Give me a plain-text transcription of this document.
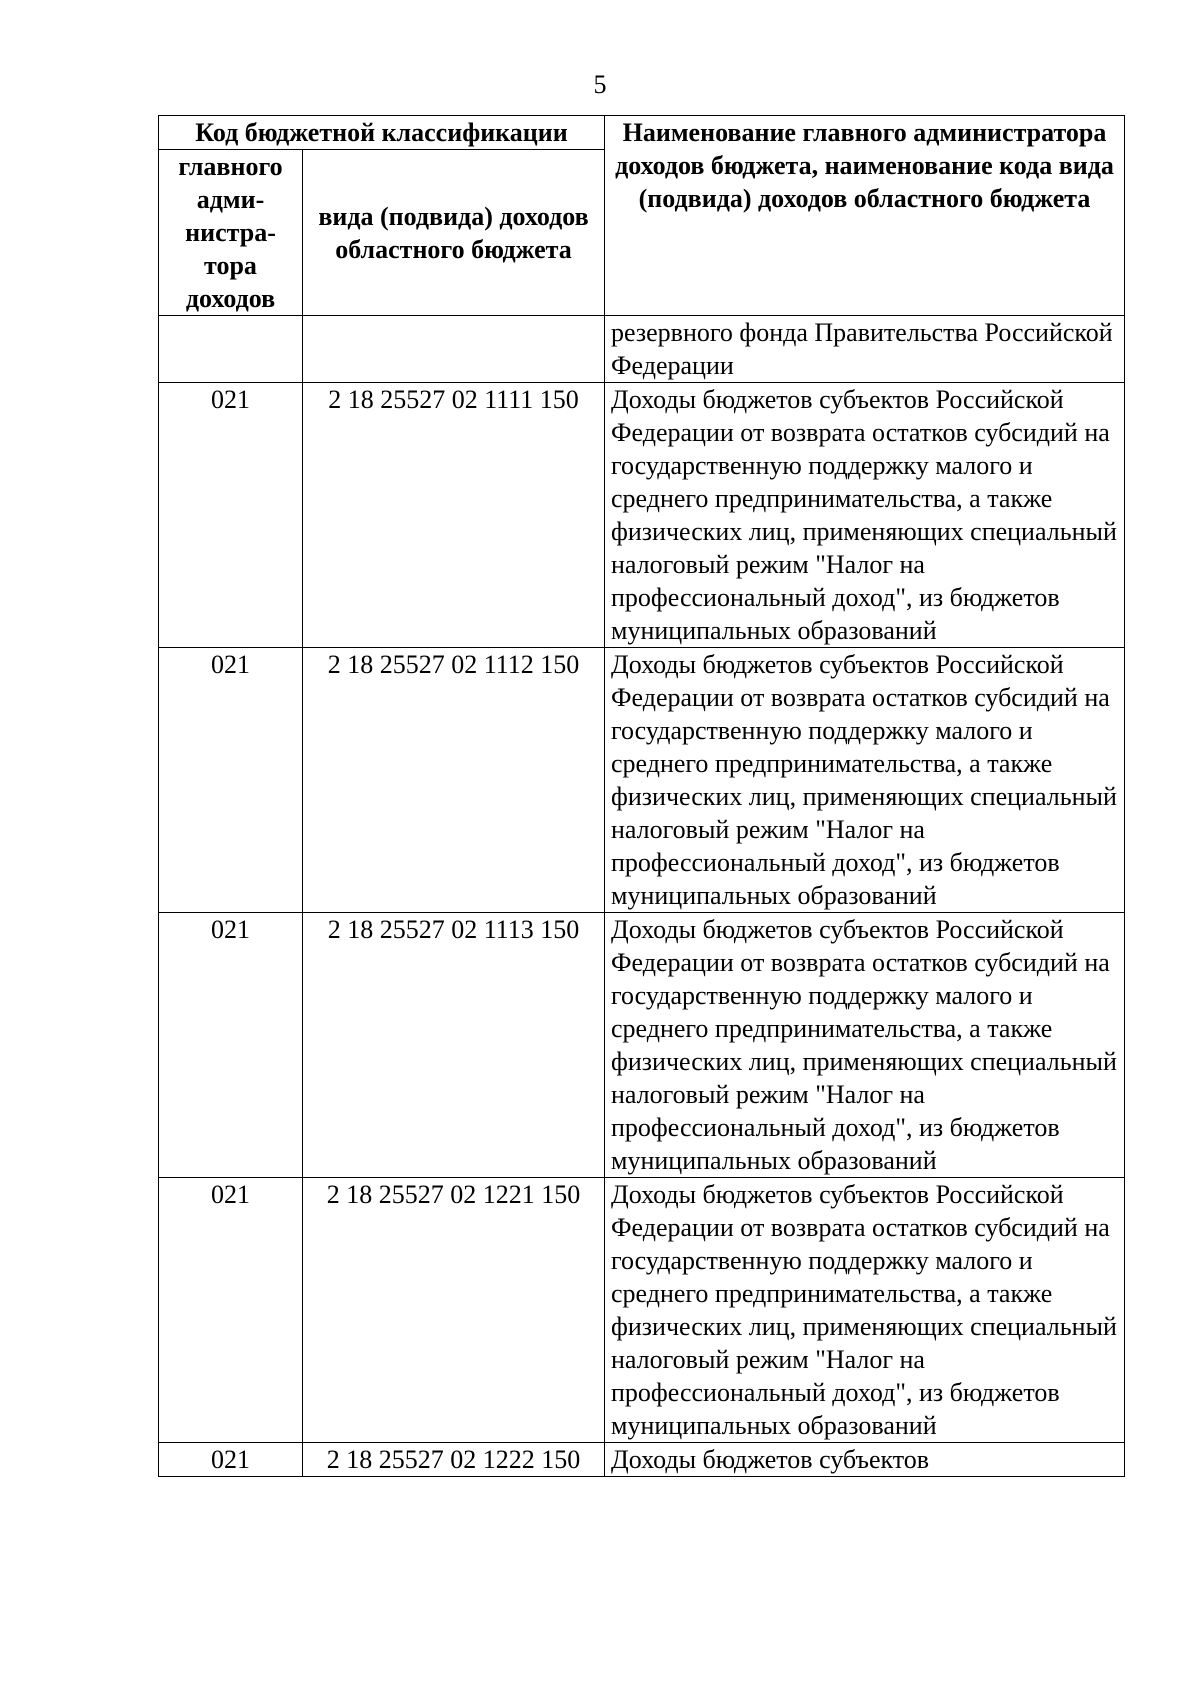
5
Код бюджетной классификации		Наименование главного администратора доходов бюджета, наименование кода вида (подвида) доходов областного бюджета
главного адми-нистра-тора доходов	вида (подвида) доходов областного бюджета	
		резервного фонда Правительства Российской Федерации
021	2 18 25527 02 1111 150	Доходы бюджетов субъектов Российской Федерации от возврата остатков субсидий на государственную поддержку малого и среднего предпринимательства, а также физических лиц, применяющих специальный налоговый режим "Налог на профессиональный доход", из бюджетов муниципальных образований
021	2 18 25527 02 1112 150	Доходы бюджетов субъектов Российской Федерации от возврата остатков субсидий на государственную поддержку малого и среднего предпринимательства, а также физических лиц, применяющих специальный налоговый режим "Налог на профессиональный доход", из бюджетов муниципальных образований
021	2 18 25527 02 1113 150	Доходы бюджетов субъектов Российской Федерации от возврата остатков субсидий на государственную поддержку малого и среднего предпринимательства, а также физических лиц, применяющих специальный налоговый режим "Налог на профессиональный доход", из бюджетов муниципальных образований
021	2 18 25527 02 1221 150	Доходы бюджетов субъектов Российской Федерации от возврата остатков субсидий на государственную поддержку малого и среднего предпринимательства, а также физических лиц, применяющих специальный налоговый режим "Налог на профессиональный доход", из бюджетов муниципальных образований
021	2 18 25527 02 1222 150	Доходы бюджетов субъектов
